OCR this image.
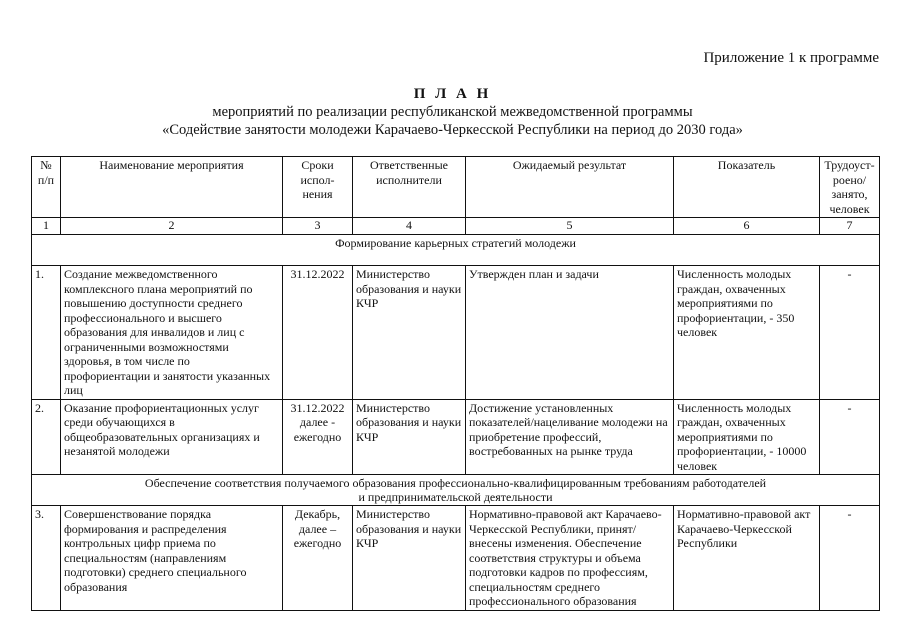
Приложение 1 к программе
П Л А Н
мероприятий по реализации республиканской межведомственной программы
«Содействие занятости молодежи Карачаево-Черкесской Республики на период до 2030 года»
№ п/п	Наименование мероприятия	Сроки испол-нения	Ответственные исполнители	Ожидаемый результат	Показатель	Трудоуст-роено/ занято, человек
1	2	3	4	5	6	7
Формирование карьерных стратегий молодежи						
1.	Создание межведомственного комплексного плана мероприятий по повышению доступности среднего профессионального и высшего образования для инвалидов и лиц с ограниченными возможностями здоровья, в том числе по профориентации и занятости указанных лиц	31.12.2022	Министерство образования и науки КЧР	Утвержден план и задачи	Численность молодых граждан, охваченных мероприятиями по профориентации, - 350 человек	-
2.	Оказание профориентационных услуг среди обучающихся в общеобразовательных организациях и незанятой молодежи	31.12.2022 далее - ежегодно	Министерство образования и науки КЧР	Достижение установленных показателей/нацеливание молодежи на приобретение профессий, востребованных на рынке труда	Численность молодых граждан, охваченных мероприятиями по профориентации, - 10000 человек	-

Обеспечение соответствия получаемого образования профессионально-квалифицированным требованиям работодателей
и предпринимательской деятельности						

3.	Совершенствование порядка формирования и распределения контрольных цифр приема по специальностям (направлениям подготовки) среднего специального образования	Декабрь, далее – ежегодно	Министерство образования и науки КЧР	Нормативно-правовой акт Карачаево-Черкесской Республики, принят/внесены изменения. Обеспечение соответствия структуры и объема подготовки кадров по профессиям, специальностям среднего профессионального образования	Нормативно-правовой акт Карачаево-Черкесской Республики	-
